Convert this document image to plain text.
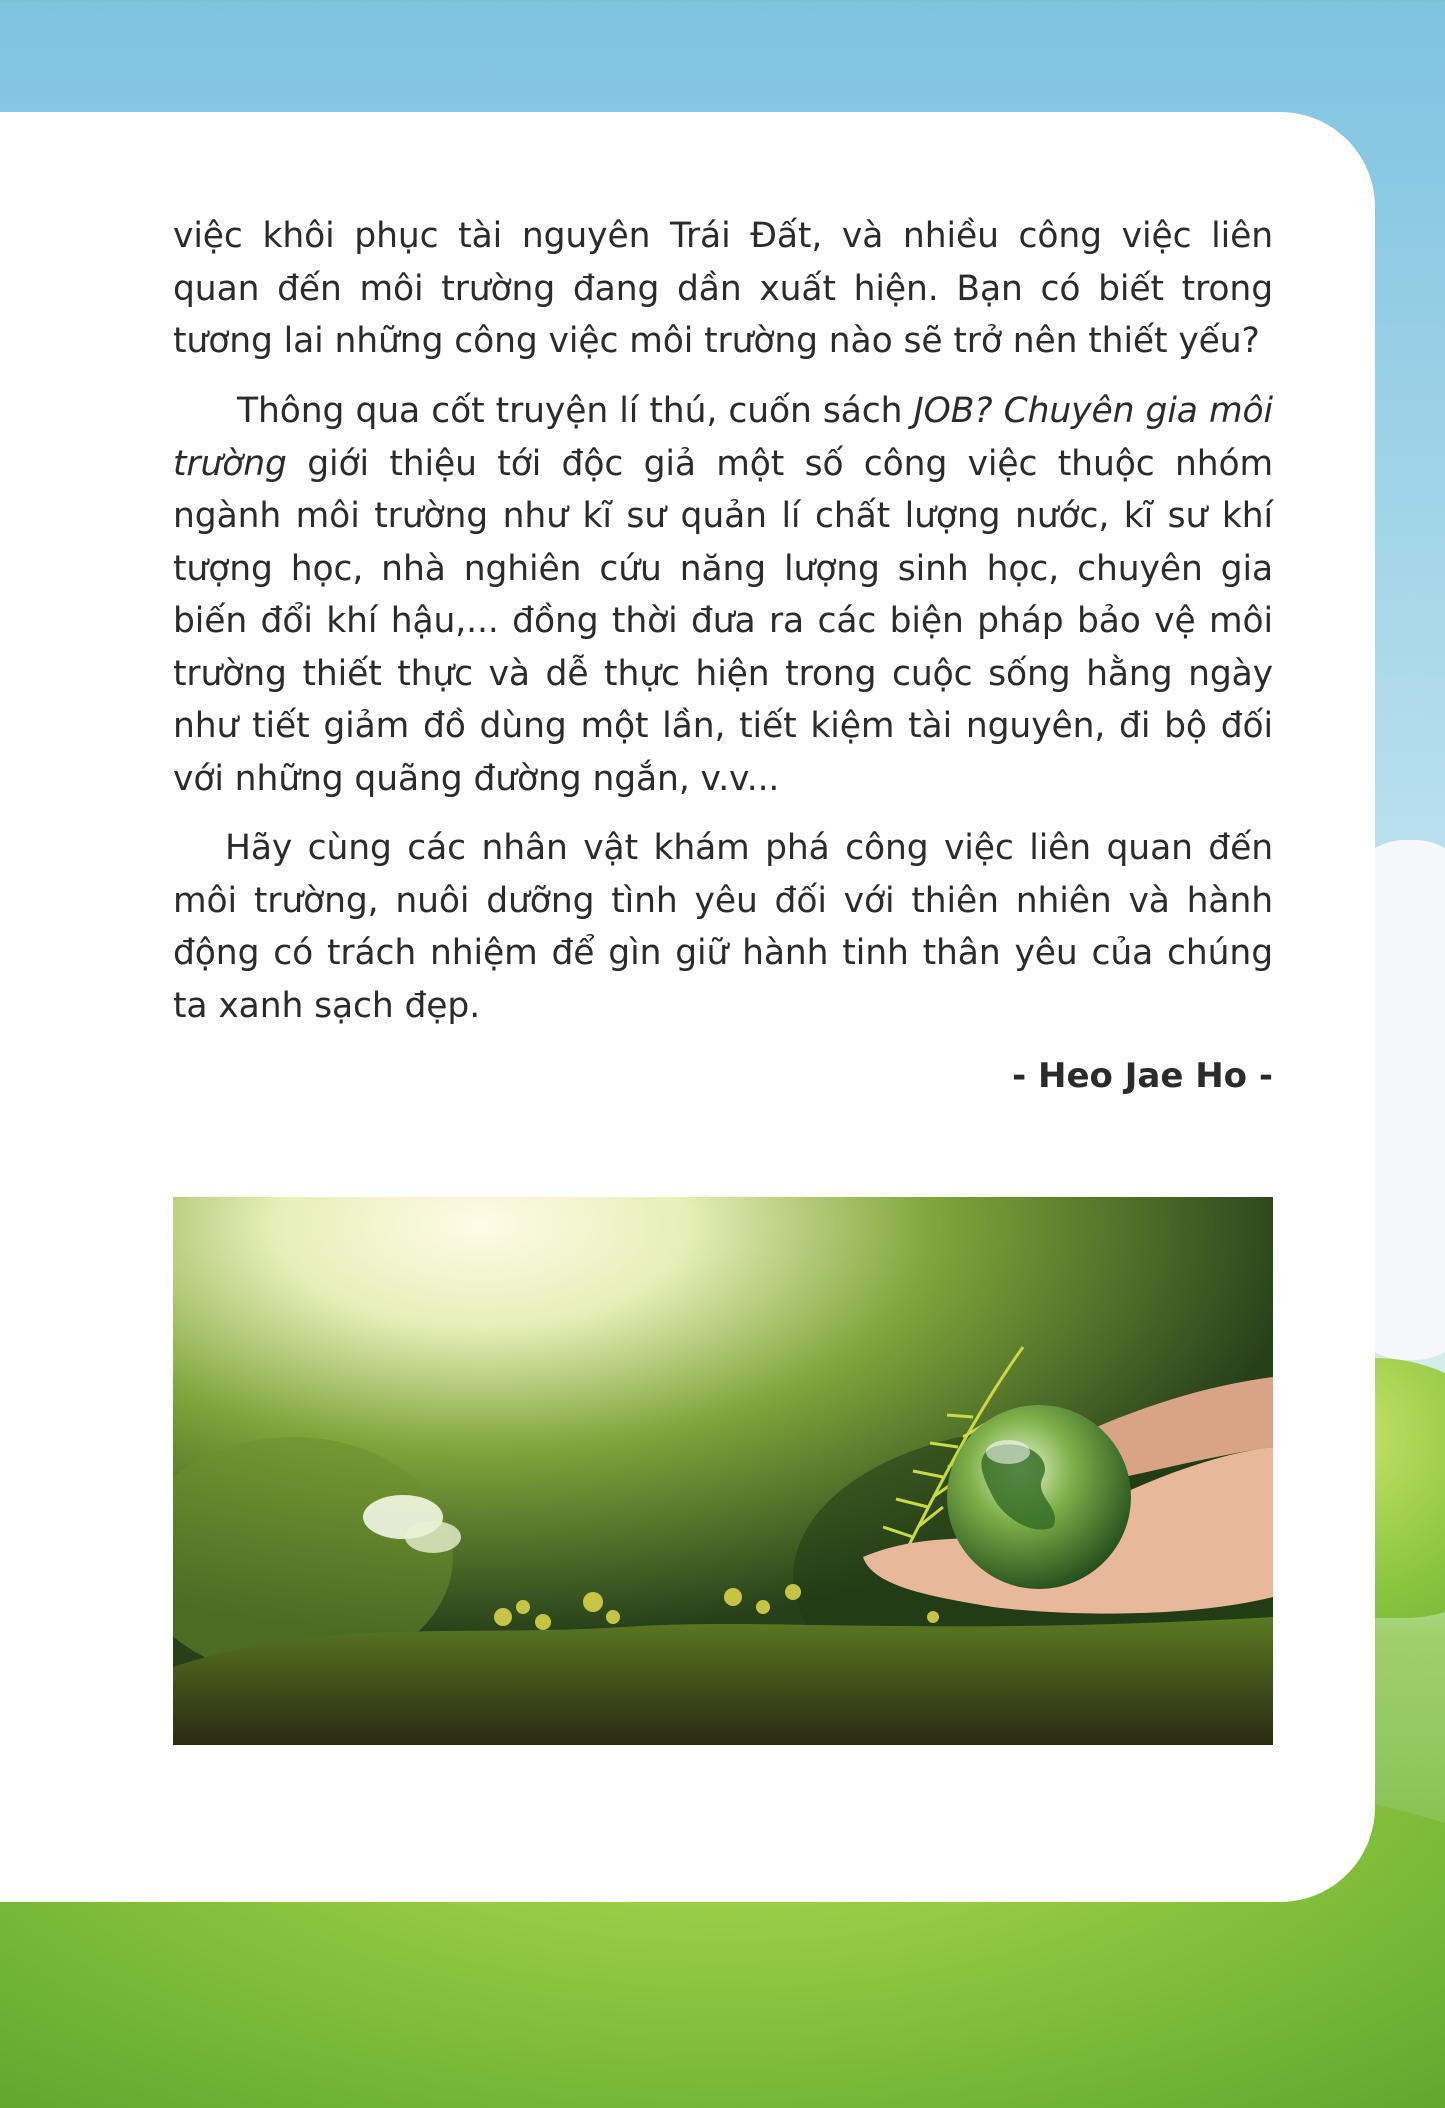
việc khôi phục tài nguyên Trái Đất, và nhiều công việc liên quan đến môi trường đang dần xuất hiện. Bạn có biết trong tương lai những công việc môi trường nào sẽ trở nên thiết yếu?

Thông qua cốt truyện lí thú, cuốn sách JOB? Chuyên gia môi trường giới thiệu tới độc giả một số công việc thuộc nhóm ngành môi trường như kĩ sư quản lí chất lượng nước, kĩ sư khí tượng học, nhà nghiên cứu năng lượng sinh học, chuyên gia biến đổi khí hậu,... đồng thời đưa ra các biện pháp bảo vệ môi trường thiết thực và dễ thực hiện trong cuộc sống hằng ngày như tiết giảm đồ dùng một lần, tiết kiệm tài nguyên, đi bộ đối với những quãng đường ngắn, v.v...

Hãy cùng các nhân vật khám phá công việc liên quan đến môi trường, nuôi dưỡng tình yêu đối với thiên nhiên và hành động có trách nhiệm để gìn giữ hành tinh thân yêu của chúng ta xanh sạch đẹp.

- Heo Jae Ho -
